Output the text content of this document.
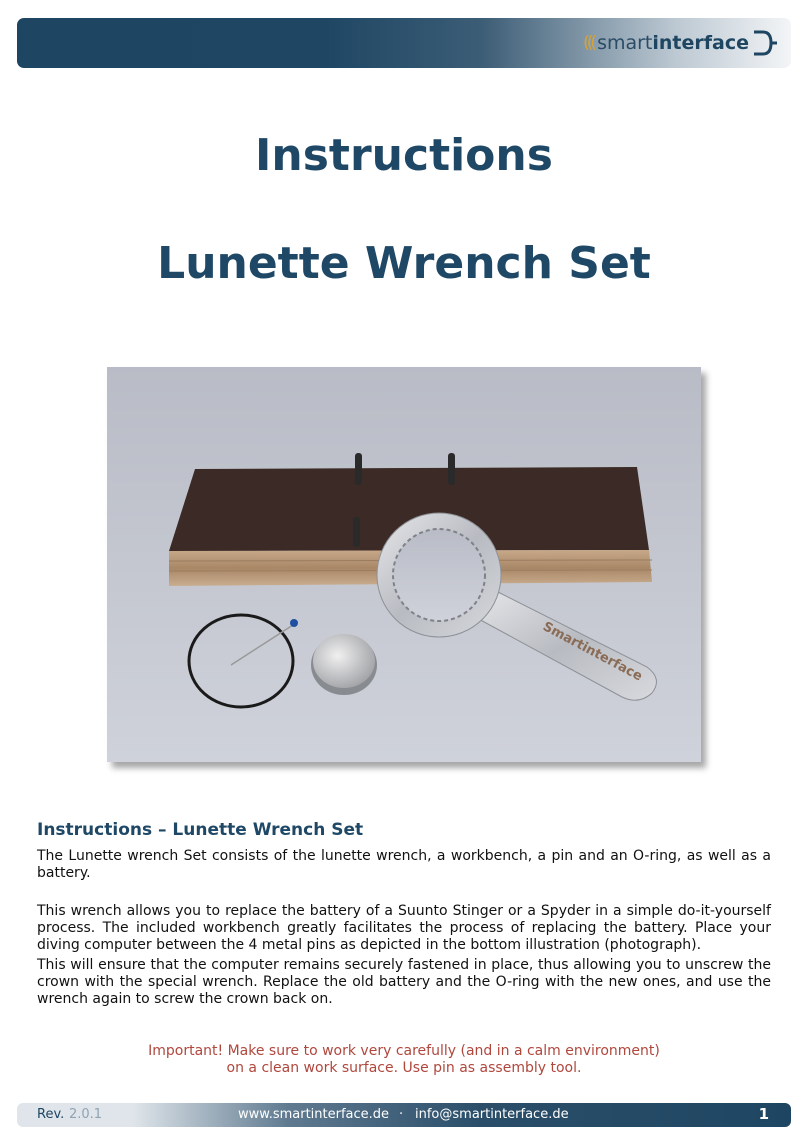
((( smart interface
Instructions
Lunette Wrench Set
Smartinterface
Instructions – Lunette Wrench Set

The Lunette wrench Set consists of the lunette wrench, a workbench, a pin and an O-ring, as well as a battery.

This wrench allows you to replace the battery of a Suunto Stinger or a Spyder in a simple do-it-yourself process. The included workbench greatly facilitates the process of replacing the battery. Place your diving computer between the 4 metal pins as depicted in the bottom illustration (photograph).

This will ensure that the computer remains securely fastened in place, thus allowing you to unscrew the crown with the special wrench. Replace the old battery and the O-ring with the new ones, and use the wrench again to screw the crown back on.

Important! Make sure to work very carefully (and in a calm environment)

on a clean work surface. Use pin as assembly tool.

Rev. 2.0.1	www.smartinterface.de · info@smartinterface.de	1
